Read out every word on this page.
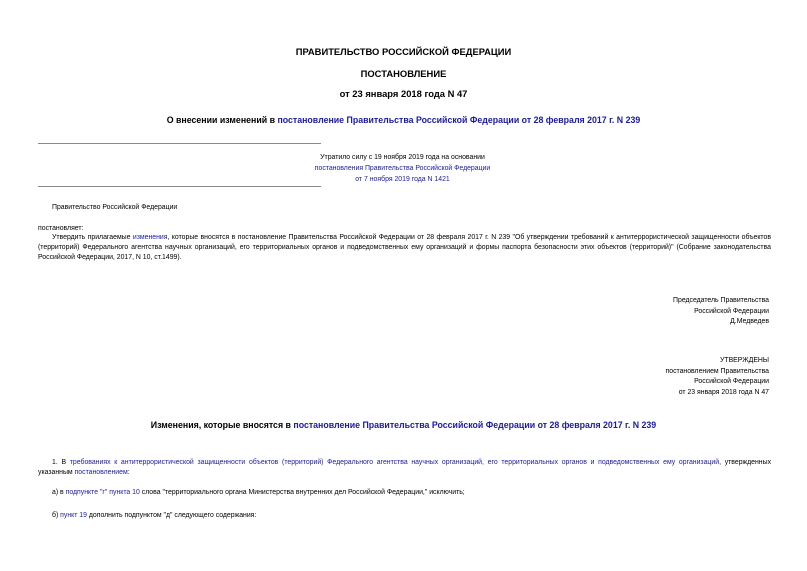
ПРАВИТЕЛЬСТВО РОССИЙСКОЙ ФЕДЕРАЦИИ
ПОСТАНОВЛЕНИЕ
от 23 января 2018 года N 47
О внесении изменений в постановление Правительства Российской Федерации от 28 февраля 2017 г. N 239
Утратило силу с 19 ноября 2019 года на основании
постановления Правительства Российской Федерации
от 7 ноября 2019 года N 1421
Правительство Российской Федерации
постановляет:
Утвердить прилагаемые изменения, которые вносятся в постановление Правительства Российской Федерации от 28 февраля 2017 г. N 239 "Об утверждении требований к антитеррористической защищенности объектов (территорий) Федерального агентства научных организаций, его территориальных органов и подведомственных ему организаций и формы паспорта безопасности этих объектов (территорий)" (Собрание законодательства Российской Федерации, 2017, N 10, ст.1499).
Председатель Правительства
Российской Федерации
Д.Медведев
УТВЕРЖДЕНЫ
постановлением Правительства
Российской Федерации
от 23 января 2018 года N 47
Изменения, которые вносятся в постановление Правительства Российской Федерации от 28 февраля 2017 г. N 239
1. В требованиях к антитеррористической защищенности объектов (территорий) Федерального агентства научных организаций, его территориальных органов и подведомственных ему организаций, утвержденных указанным постановлением:
а) в подпункте "г" пункта 10 слова "территориального органа Министерства внутренних дел Российской Федерации," исключить;
б) пункт 19 дополнить подпунктом "д" следующего содержания:
